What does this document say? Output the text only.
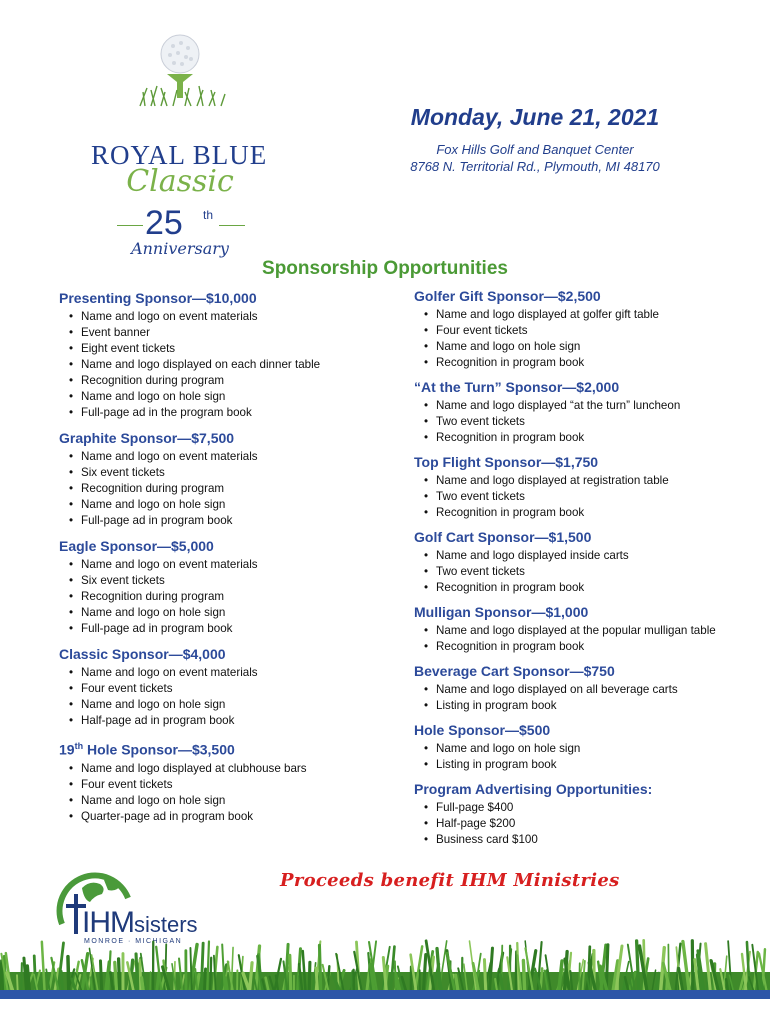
ROYAL BLUE
Classic
25 th
Anniversary

Monday, June 21, 2021

Fox Hills Golf and Banquet Center
8768 N. Territorial Rd., Plymouth, MI 48170

Sponsorship Opportunities
Presenting Sponsor—$10,000
• Name and logo on event materials
• Event banner
• Eight event tickets
• Name and logo displayed on each dinner table
• Recognition during program
• Name and logo on hole sign
• Full-page ad in the program book
Graphite Sponsor—$7,500
• Name and logo on event materials
• Six event tickets
• Recognition during program
• Name and logo on hole sign
• Full-page ad in program book
Eagle Sponsor—$5,000
• Name and logo on event materials
• Six event tickets
• Recognition during program
• Name and logo on hole sign
• Full-page ad in program book
Classic Sponsor—$4,000
• Name and logo on event materials
• Four event tickets
• Name and logo on hole sign
• Half-page ad in program book
19th Hole Sponsor—$3,500
• Name and logo displayed at clubhouse bars
• Four event tickets
• Name and logo on hole sign
• Quarter-page ad in program book
Golfer Gift Sponsor—$2,500
• Name and logo displayed at golfer gift table
• Four event tickets
• Name and logo on hole sign
• Recognition in program book
“At the Turn” Sponsor—$2,000
• Name and logo displayed “at the turn” luncheon
• Two event tickets
• Recognition in program book
Top Flight Sponsor—$1,750
• Name and logo displayed at registration table
• Two event tickets
• Recognition in program book
Golf Cart Sponsor—$1,500
• Name and logo displayed inside carts
• Two event tickets
• Recognition in program book
Mulligan Sponsor—$1,000
• Name and logo displayed at the popular mulligan table
• Recognition in program book
Beverage Cart Sponsor—$750
• Name and logo displayed on all beverage carts
• Listing in program book
Hole Sponsor—$500
• Name and logo on hole sign
• Listing in program book
Program Advertising Opportunities:
• Full-page $400
• Half-page $200
• Business card $100
IHMsisters
MONROE · MICHIGAN
Proceeds benefit IHM Ministries
